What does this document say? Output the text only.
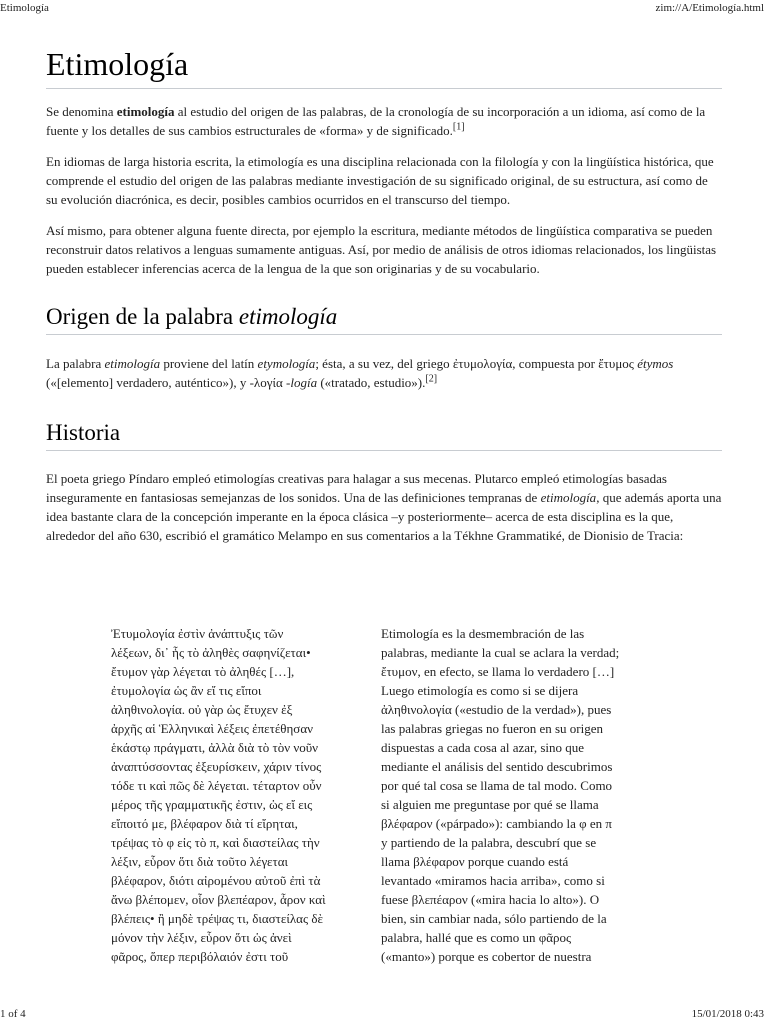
Etimología	zim://A/Etimología.html
Etimología

Se denomina etimología al estudio del origen de las palabras, de la cronología de su incorporación a un idioma, así como de la fuente y los detalles de sus cambios estructurales de «forma» y de significado.[1]

En idiomas de larga historia escrita, la etimología es una disciplina relacionada con la filología y con la lingüística histórica, que comprende el estudio del origen de las palabras mediante investigación de su significado original, de su estructura, así como de su evolución diacrónica, es decir, posibles cambios ocurridos en el transcurso del tiempo.

Así mismo, para obtener alguna fuente directa, por ejemplo la escritura, mediante métodos de lingüística comparativa se pueden reconstruir datos relativos a lenguas sumamente antiguas. Así, por medio de análisis de otros idiomas relacionados, los lingüistas pueden establecer inferencias acerca de la lengua de la que son originarias y de su vocabulario.

Origen de la palabra etimología

La palabra etimología proviene del latín etymología; ésta, a su vez, del griego ἐτυμολογία, compuesta por ἔτυμος étymos («[elemento] verdadero, auténtico»), y -λογία -logía («tratado, estudio»).[2]

Historia

El poeta griego Píndaro empleó etimologías creativas para halagar a sus mecenas. Plutarco empleó etimologías basadas inseguramente en fantasiosas semejanzas de los sonidos. Una de las definiciones tempranas de etimología, que además aporta una idea bastante clara de la concepción imperante en la época clásica –y posteriormente– acerca de esta disciplina es la que, alrededor del año 630, escribió el gramático Melampo en sus comentarios a la Tékhne Grammatiké, de Dionisio de Tracia:

Ἐτυμολογία ἐστὶν ἀνάπτυξις τῶν
λέξεων, δι᾽ ἧς τὸ ἀληθὲς σαφηνίζεται•
ἔτυμον γὰρ λέγεται τὸ ἀληθές […],
ἐτυμολογία ὡς ἂν εἴ τις εἴποι
ἀληθινολογία. οὐ γὰρ ὡς ἔτυχεν ἐξ
ἀρχῆς αἱ Ἑλληνικαὶ λέξεις ἐπετέθησαν
ἑκάστῳ πράγματι, ἀλλὰ διὰ τὸ τὸν νοῦν
ἀναπτύσσοντας ἐξευρίσκειν, χάριν τίνος
τόδε τι καὶ πῶς δὲ λέγεται. τέταρτον οὖν
μέρος τῆς γραμματικῆς ἐστιν, ὡς εἴ εις
εἴποιτό με, βλέφαρον διὰ τί εἴρηται,
τρέψας τὸ φ εἰς τὸ π, καὶ διαστείλας τὴν
λέξιν, εὗρον ὅτι διὰ τοῦτο λέγεται
βλέφαρον, διότι αἰρομένου αὐτοῦ ἐπὶ τὰ
ἄνω βλέπομεν, οἷον βλεπέαρον, ἆρον καὶ
βλέπεις• ἢ μηδὲ τρέψας τι, διαστείλας δὲ
μόνον τὴν λέξιν, εὗρον ὅτι ὡς ἀνεὶ
φᾶρος, ὅπερ περιβόλαιόν ἐστι τοῦ
Etimología es la desmembración de las
palabras, mediante la cual se aclara la verdad;
ἔτυμον, en efecto, se llama lo verdadero […]
Luego etimología es como si se dijera
ἀληθινολογία («estudio de la verdad»), pues
las palabras griegas no fueron en su origen
dispuestas a cada cosa al azar, sino que
mediante el análisis del sentido descubrimos
por qué tal cosa se llama de tal modo. Como
si alguien me preguntase por qué se llama
βλέφαρον («párpado»): cambiando la φ en π
y partiendo de la palabra, descubrí que se
llama βλέφαρον porque cuando está
levantado «miramos hacia arriba», como si
fuese βλεπέαρον («mira hacia lo alto»). O
bien, sin cambiar nada, sólo partiendo de la
palabra, hallé que es como un φᾶρος
(«manto») porque es cobertor de nuestra
1 of 4	15/01/2018 0:43
